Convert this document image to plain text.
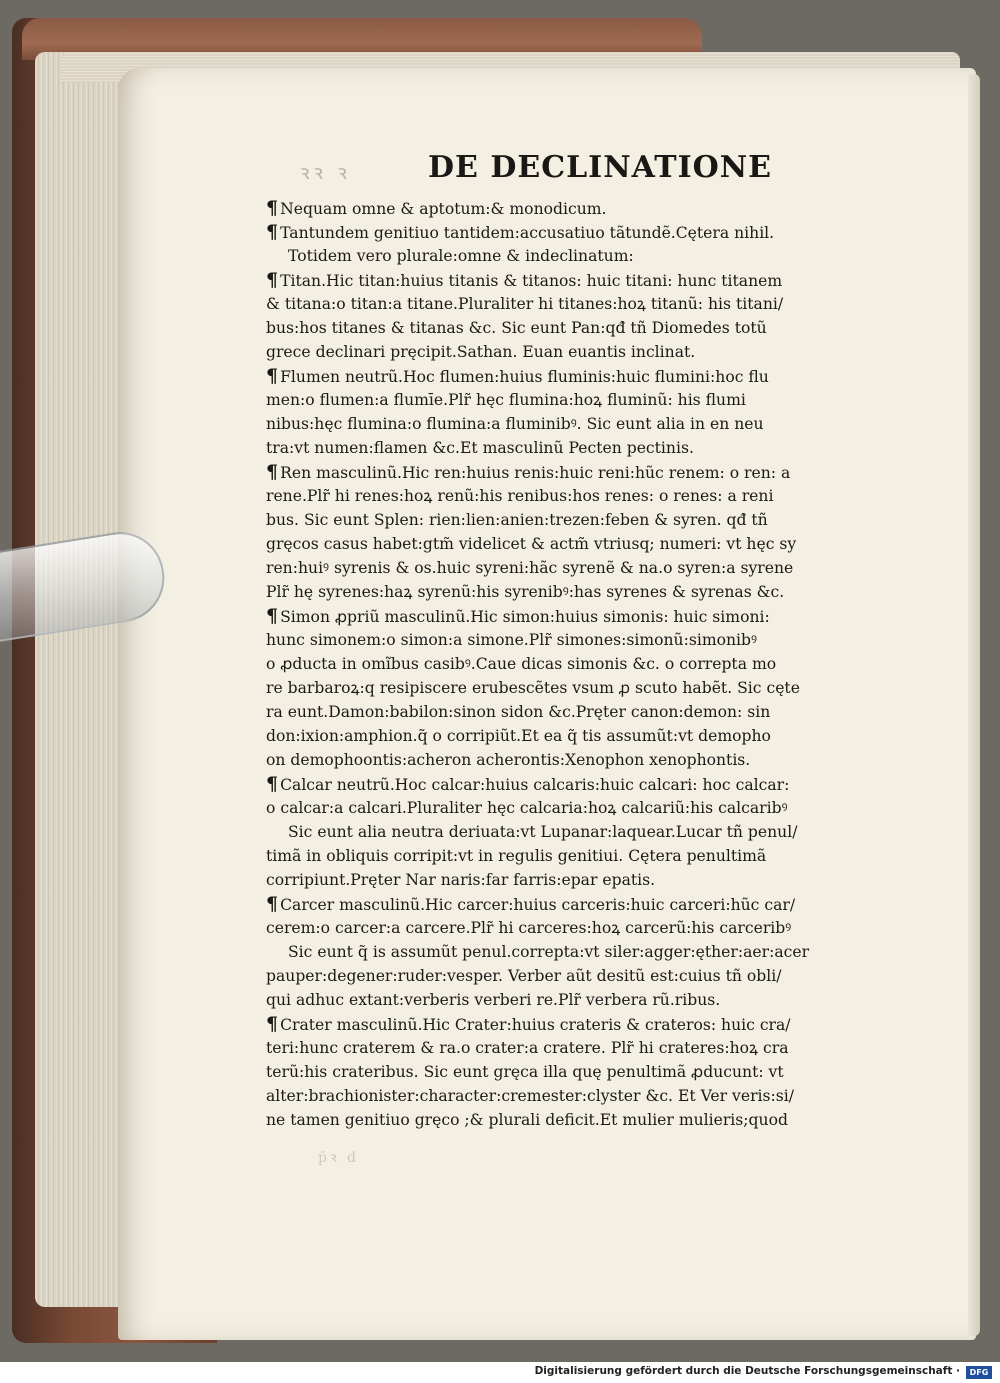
ꝛꝛ ꝛ	DE DECLINATIONE
¶ Nequam omne & aptotum:& monodicum.
¶ Tantundem genitiuo tantidem:accusatiuo tãtundẽ.Cętera nihil.
Totidem vero plurale:omne & indeclinatum:
¶ Titan.Hic titan:huius titanis & titanos: huic titani: hunc titanem
& titana:o titan:a titane.Pluraliter hi titanes:hoꝝ titanũ: his titani/
bus:hos titanes & titanas &c. Sic eunt Pan:qđ tñ Diomedes totũ
grece declinari pręcipit.Sathan. Euan euantis inclinat.
¶ Flumen neutrũ.Hoc flumen:huius fluminis:huic flumini:hoc flu
men:o flumen:a flumīe.Plr̃ hęc flumina:hoꝝ fluminũ: his flumi
nibus:hęc flumina:o flumina:a fluminibꝰ. Sic eunt alia in en neu
tra:vt numen:flamen &c.Et masculinũ Pecten pectinis.
¶ Ren masculinũ.Hic ren:huius renis:huic reni:hũc renem: o ren: a
rene.Plr̃ hi renes:hoꝝ renũ:his renibus:hos renes: o renes: a reni
bus. Sic eunt Splen: rien:lien:anien:trezen:feben & syren. qđ tñ
gręcos casus habet:gtm̃ videlicet & actm̃ vtriusq; numeri: vt hęc sy
ren:huiꝰ syrenis & os.huic syreni:hãc syrenẽ & na.o syren:a syrene
Plr̃ hę syrenes:haꝝ syrenũ:his syrenibꝰ:has syrenes & syrenas &c.
¶ Simon ꝓpriũ masculinũ.Hic simon:huius simonis: huic simoni:
hunc simonem:o simon:a simone.Plr̃ simones:simonũ:simonibꝰ
o ꝓducta in omĩbus casibꝰ.Caue dicas simonis &c. o correpta mo
re barbaroꝝ:q resipiscere erubescẽtes vsum ꝓ scuto habẽt. Sic cęte
ra eunt.Damon:babilon:sinon sidon &c.Pręter canon:demon: sin
don:ixion:amphion.q̃ o corripiũt.Et ea q̃ tis assumũt:vt demopho
on demophoontis:acheron acherontis:Xenophon xenophontis.
¶ Calcar neutrũ.Hoc calcar:huius calcaris:huic calcari: hoc calcar:
o calcar:a calcari.Pluraliter hęc calcaria:hoꝝ calcariũ:his calcaribꝰ
Sic eunt alia neutra deriuata:vt Lupanar:laquear.Lucar tñ penul/
timã in obliquis corripit:vt in regulis genitiui. Cętera penultimã
corripiunt.Pręter Nar naris:far farris:epar epatis.
¶ Carcer masculinũ.Hic carcer:huius carceris:huic carceri:hũc car/
cerem:o carcer:a carcere.Plr̃ hi carceres:hoꝝ carcerũ:his carceribꝰ
Sic eunt q̃ is assumũt penul.correpta:vt siler:agger:ęther:aer:acer
pauper:degener:ruder:vesper. Verber aũt desitũ est:cuius tñ obli/
qui adhuc extant:verberis verberi re.Plr̃ verbera rũ.ribus.
¶ Crater masculinũ.Hic Crater:huius crateris & crateros: huic cra/
teri:hunc craterem & ra.o crater:a cratere. Plr̃ hi crateres:hoꝝ cra
terũ:his crateribus. Sic eunt gręca illa quę penultimã ꝓducunt: vt
alter:brachionister:character:cremester:clyster &c. Et Ver veris:si/
ne tamen genitiuo gręco ;& plurali deficit.Et mulier mulieris;quod
p̄ꝛ d
Digitalisierung gefördert durch die Deutsche Forschungsgemeinschaft ·	DFG
